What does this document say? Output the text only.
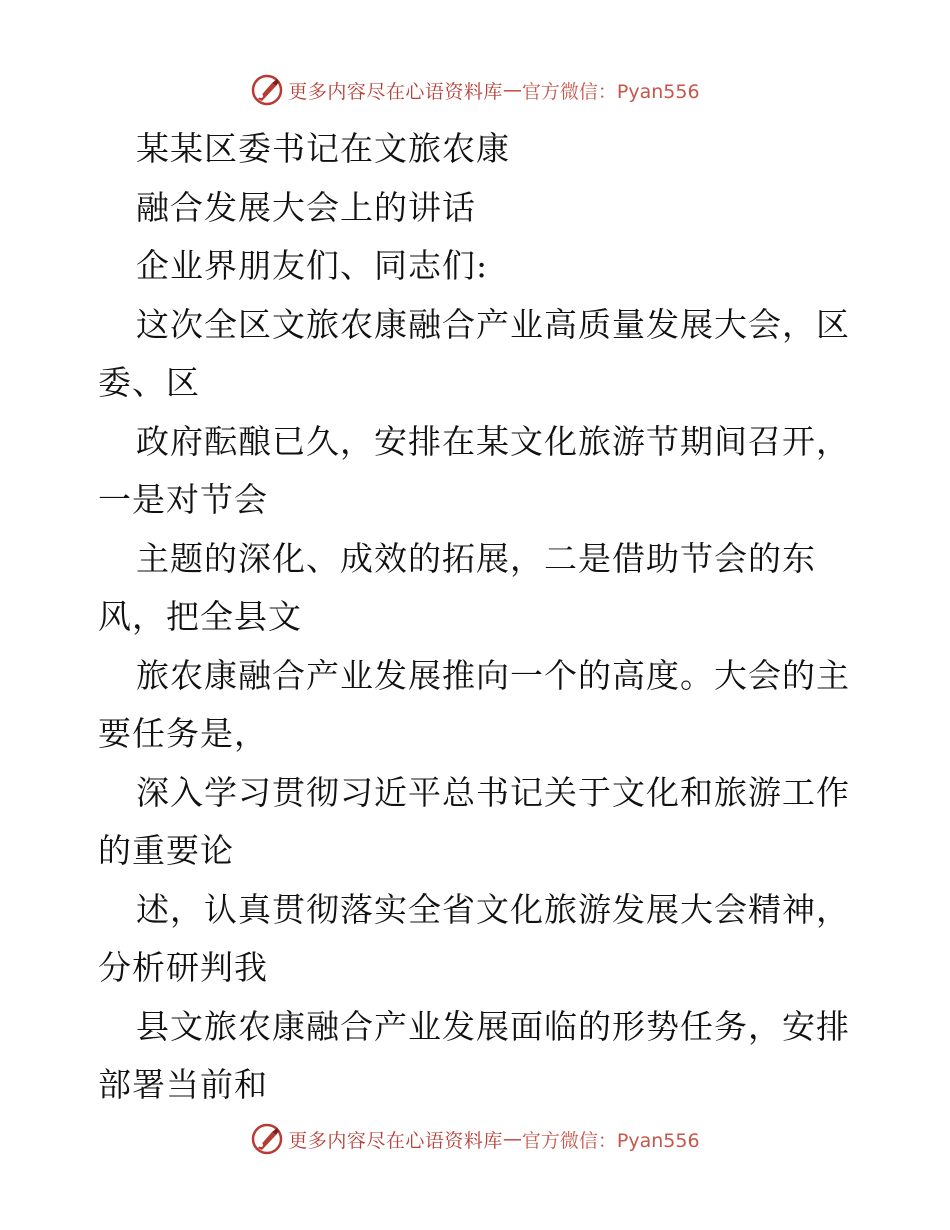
更多内容尽在心语资料库 — 官方微信：Pyan556
某某区委书记在文旅农康
融合发展大会上的讲话
企业界朋友们、同志们:
这次全区文旅农康融合产业高质量发展大会，区
委、区
政府酝酿已久，安排在某文化旅游节期间召开，
一是对节会
主题的深化、成效的拓展，二是借助节会的东
风，把全县文
旅农康融合产业发展推向一个的高度。大会的主
要任务是，
深入学习贯彻习近平总书记关于文化和旅游工作
的重要论
述，认真贯彻落实全省文化旅游发展大会精神，
分析研判我
县文旅农康融合产业发展面临的形势任务，安排
部署当前和
更多内容尽在心语资料库 — 官方微信：Pyan556
